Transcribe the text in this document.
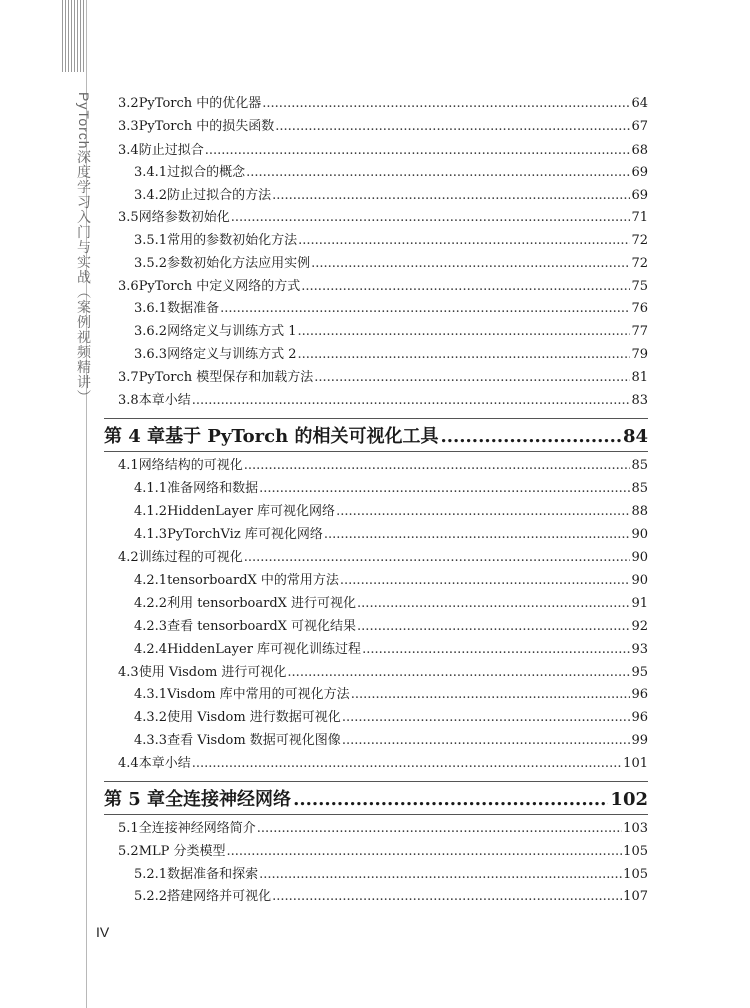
PyTorch深度学习入门与实战（案例视频精讲）	3.2 PyTorch 中的优化器 .....	64
3.3 PyTorch 中的损失函数 .....	67
3.4 防止过拟合 .....	68
3.4.1 过拟合的概念 .....	69
3.4.2 防止过拟合的方法 .....	69
3.5 网络参数初始化 .....	71
3.5.1 常用的参数初始化方法 .....	72
3.5.2 参数初始化方法应用实例 .....	72
3.6 PyTorch 中定义网络的方式 .....	75
3.6.1 数据准备 .....	76
3.6.2 网络定义与训练方式 1 .....	77
3.6.3 网络定义与训练方式 2 .....	79
3.7 PyTorch 模型保存和加载方法 .....	81
3.8 本章小结 .....	83
第 4 章 基于 PyTorch 的相关可视化工具 .....	84
4.1 网络结构的可视化 .....	85
4.1.1 准备网络和数据 .....	85
4.1.2 HiddenLayer 库可视化网络 .....	88
4.1.3 PyTorchViz 库可视化网络 .....	90
4.2 训练过程的可视化 .....	90
4.2.1 tensorboardX 中的常用方法 .....	90
4.2.2 利用 tensorboardX 进行可视化 .....	91
4.2.3 查看 tensorboardX 可视化结果 .....	92
4.2.4 HiddenLayer 库可视化训练过程 .....	93
4.3 使用 Visdom 进行可视化 .....	95
4.3.1 Visdom 库中常用的可视化方法 .....	96
4.3.2 使用 Visdom 进行数据可视化 .....	96
4.3.3 查看 Visdom 数据可视化图像 .....	99
4.4 本章小结 .....	101
第 5 章 全连接神经网络 .....	102
5.1 全连接神经网络简介 .....	103
5.2 MLP 分类模型 .....	105
5.2.1 数据准备和探索 .....	105
5.2.2 搭建网络并可视化 .....	107
IV
